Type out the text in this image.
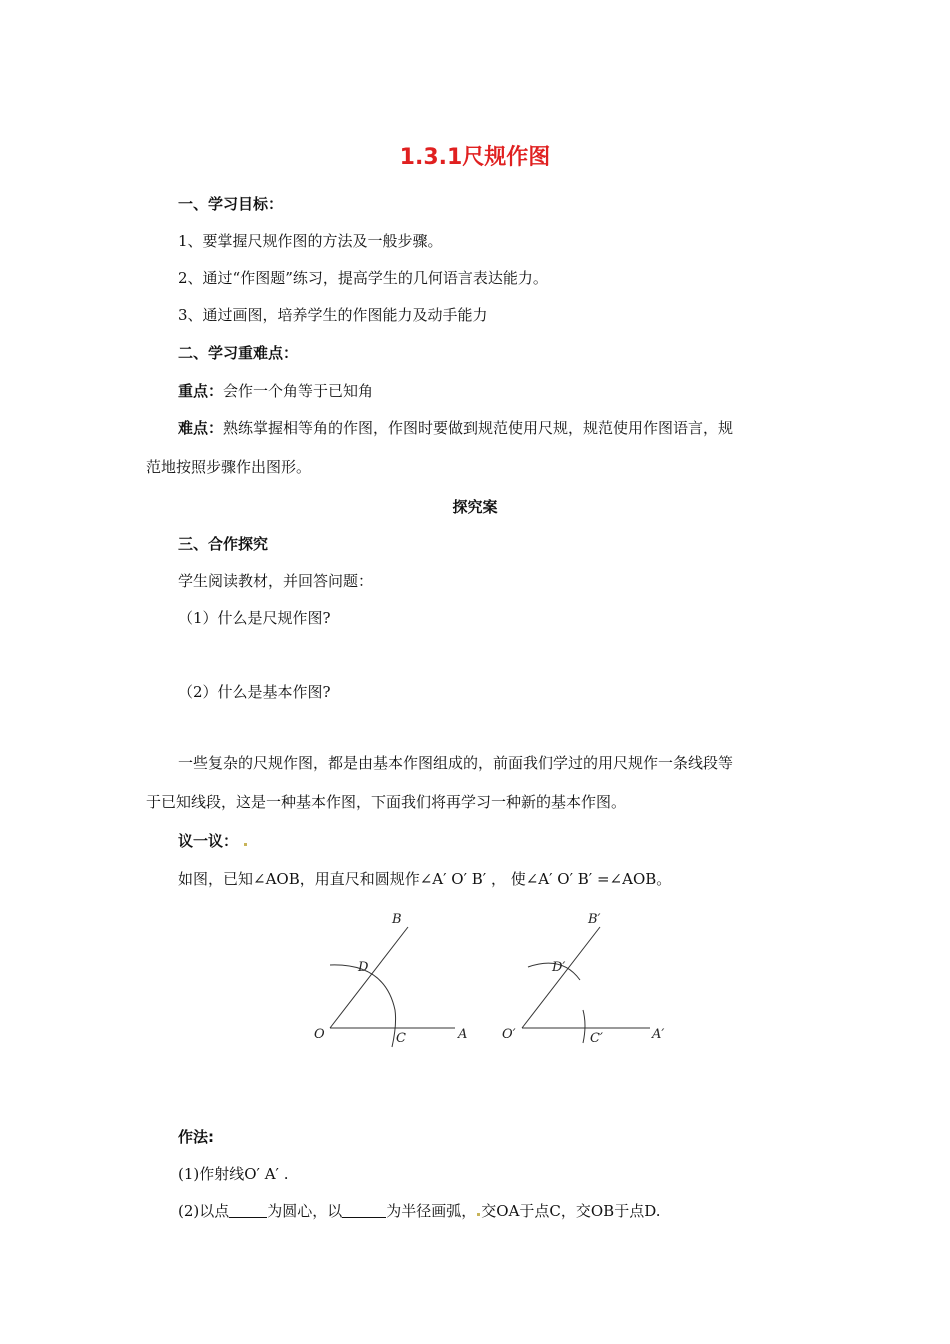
1.3.1尺规作图
一、学习目标：
1、要掌握尺规作图的方法及一般步骤。
2、通过“作图题”练习，提高学生的几何语言表达能力。
3、通过画图，培养学生的作图能力及动手能力
二、学习重难点：
重点：会作一个角等于已知角
难点：熟练掌握相等角的作图，作图时要做到规范使用尺规，规范使用作图语言，规
范地按照步骤作出图形。
探究案
三、合作探究
学生阅读教材，并回答问题：
（1）什么是尺规作图?
（2）什么是基本作图?
一些复杂的尺规作图，都是由基本作图组成的，前面我们学过的用尺规作一条线段等
于已知线段，这是一种基本作图，下面我们将再学习一种新的基本作图。
议一议：
如图，已知∠AOB，用直尺和圆规作∠A′ O′ B′ ， 使∠A′ O′ B′ =∠AOB。
O	A
B
C
D
O′	A′
B′
C′
D′
作法:
(1)作射线O′ A′ .
(2)以点	为圆心，以	为半径画弧， 交OA于点C，交OB于点D.
